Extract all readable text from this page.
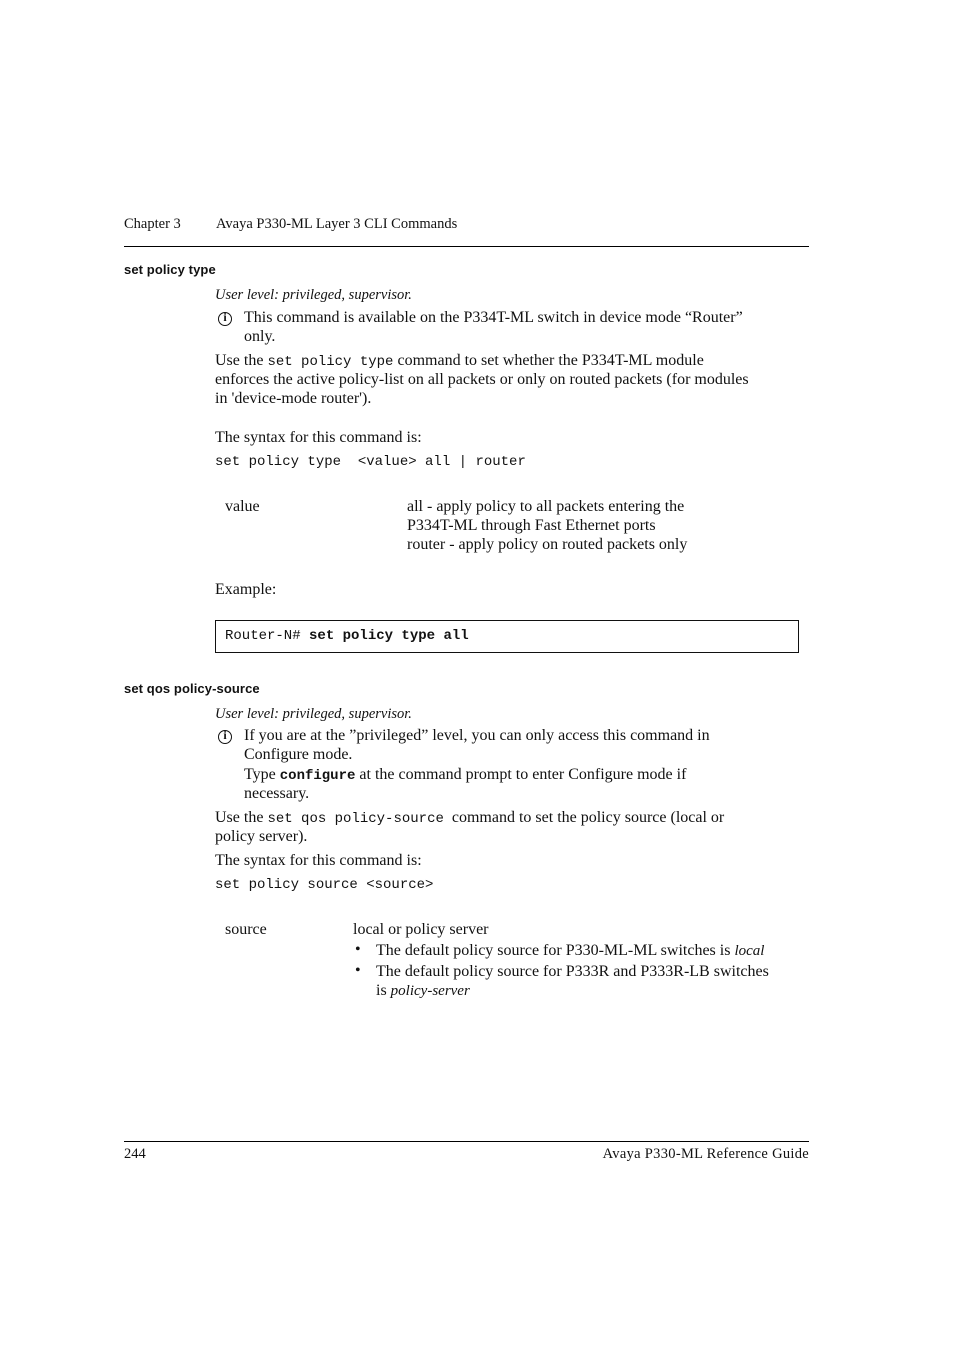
Chapter 3 Avaya P330-ML Layer 3 CLI Commands
set policy type
User level: privileged, supervisor.
i
This command is available on the P334T-ML switch in device mode “Router”
only.
Use the set policy type command to set whether the P334T-ML module
enforces the active policy-list on all packets or only on routed packets (for modules
in 'device-mode router').
The syntax for this command is:
set policy type  <value> all | router
value	all - apply policy to all packets entering the
P334T-ML through Fast Ethernet ports
router - apply policy on routed packets only
Example:
Router-N# set policy type all
set qos policy-source
User level: privileged, supervisor.
i
If you are at the ”privileged” level, you can only access this command in
Configure mode.
Type configure at the command prompt to enter Configure mode if
necessary.
Use the set qos policy-source command to set the policy source (local or
policy server).
The syntax for this command is:
set policy source <source>
source	local or policy server
• The default policy source for P330-ML-ML switches is local
• The default policy source for P333R and P333R-LB switches
is policy-server
244	Avaya P330-ML Reference Guide
